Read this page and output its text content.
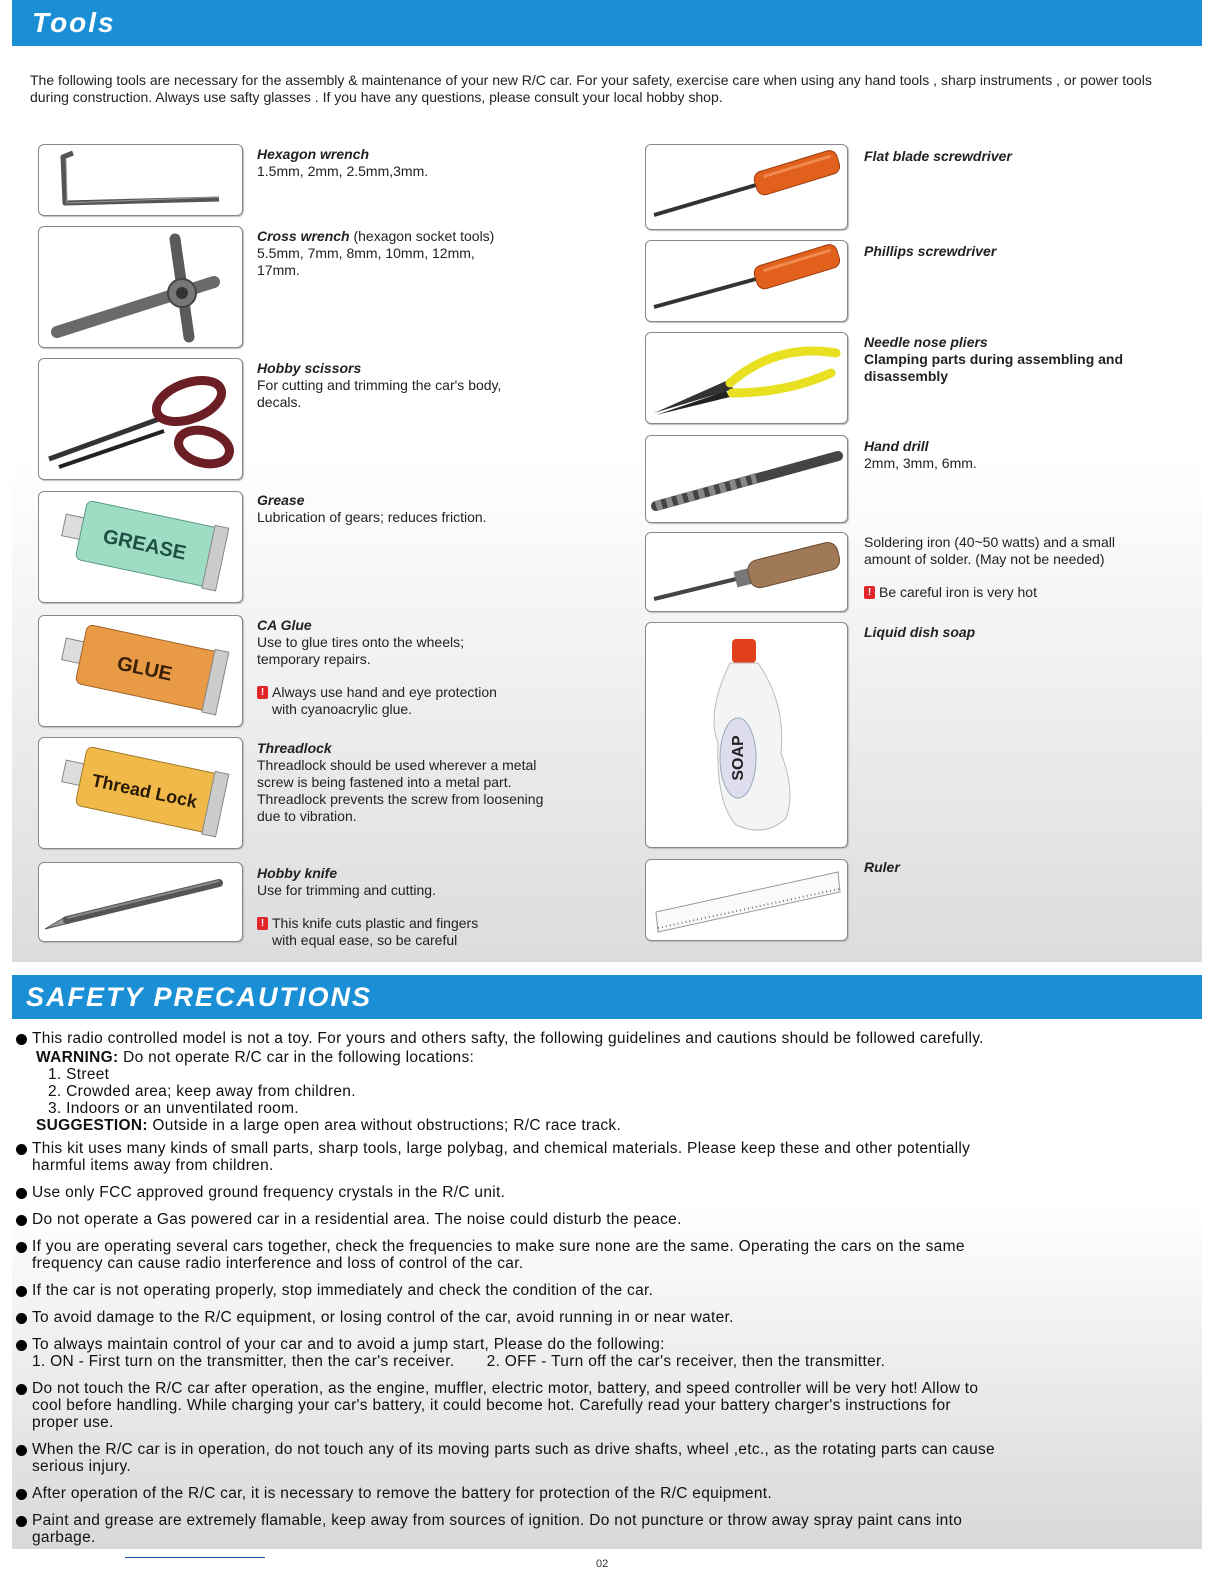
Tools
The following tools are necessary for the assembly & maintenance of your new R/C car. For your safety, exercise care when using any hand tools , sharp instruments , or power tools during construction. Always use safty glasses . If you have any questions, please consult your local hobby shop.
Hexagon wrench
1.5mm, 2mm, 2.5mm,3mm.
Cross wrench (hexagon socket tools)
5.5mm, 7mm, 8mm, 10mm, 12mm,
17mm.
Hobby scissors
For cutting and trimming the car's body,
decals.
GREASE
Grease
Lubrication of gears; reduces friction.
GLUE
CA Glue
Use to glue tires onto the wheels;
temporary repairs.
! Always use hand and eye protection
with cyanoacrylic glue.
Thread Lock
Threadlock
Threadlock should be used wherever a metal
screw is being fastened into a metal part.
Threadlock prevents the screw from loosening
due to vibration.
Hobby knife
Use for trimming and cutting.
! This knife cuts plastic and fingers
with equal ease, so be careful
Flat blade screwdriver
Phillips screwdriver
Needle nose pliers
Clamping parts during assembling and
disassembly
Hand drill
2mm, 3mm, 6mm.
Soldering iron (40~50 watts) and a small
amount of solder. (May not be needed)
! Be careful iron is very hot
SOAP
Liquid dish soap
Ruler
SAFETY PRECAUTIONS
This radio controlled model is not a toy. For yours and others safty, the following guidelines and cautions should be followed carefully.
WARNING: Do not operate R/C car in the following locations:
1. Street
2. Crowded area; keep away from children.
3. Indoors or an unventilated room.
SUGGESTION: Outside in a large open area without obstructions; R/C race track.
This kit uses many kinds of small parts, sharp tools, large polybag, and chemical materials. Please keep these and other potentially
harmful items away from children.
Use only FCC approved ground frequency crystals in the R/C unit.
Do not operate a Gas powered car in a residential area. The noise could disturb the peace.
If you are operating several cars together, check the frequencies to make sure none are the same. Operating the cars on the same
frequency can cause radio interference and loss of control of the car.
If the car is not operating properly, stop immediately and check the condition of the car.
To avoid damage to the R/C equipment, or losing control of the car, avoid running in or near water.
To always maintain control of your car and to avoid a jump start, Please do the following:
1. ON - First turn on the transmitter, then the car's receiver.       2. OFF - Turn off the car's receiver, then the transmitter.
Do not touch the R/C car after operation, as the engine, muffler, electric motor, battery, and speed controller will be very hot! Allow to
cool before handling. While charging your car's battery, it could become hot. Carefully read your battery charger's instructions for
proper use.
When the R/C car is in operation, do not touch any of its moving parts such as drive shafts, wheel ,etc., as the rotating parts can cause
serious injury.
After operation of the R/C car, it is necessary to remove the battery for protection of the R/C equipment.
Paint and grease are extremely flamable, keep away from sources of ignition. Do not puncture or throw away spray paint cans into
garbage.
02
